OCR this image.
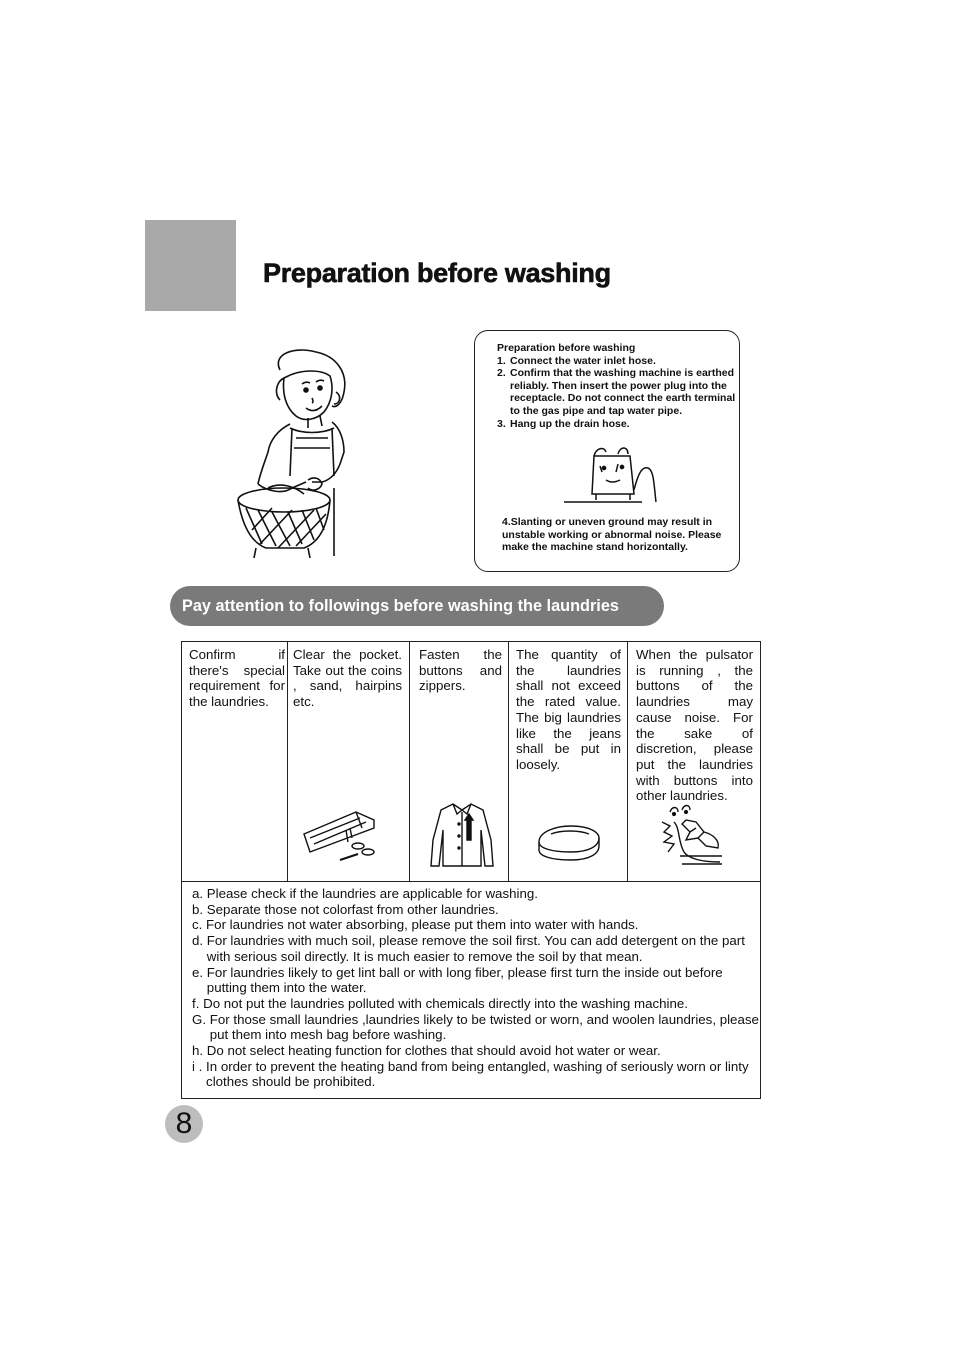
Preparation before washing
Preparation before washing
1. Connect the water inlet hose.
2. Confirm that the washing machine is earthed reliably. Then insert the power plug into the receptacle. Do not connect the earth terminal to the gas pipe and tap water pipe.
3. Hang up the drain hose.
4.Slanting or uneven ground may result in unstable working or abnormal noise. Please make the machine stand horizontally.
Pay attention to followings before washing the laundries
Confirm if there's special requirement for the laundries.
Clear the pocket. Take out the coins , sand, hairpins etc.
Fasten the buttons and zippers.
The quantity of the laundries shall not exceed the rated value. The big laundries like the jeans shall be put in loosely.
When the pulsator is running , the buttons of the laundries may cause noise. For the sake of discretion, please put the laundries with buttons into other laundries.
a. Please check if the laundries are applicable for washing.
b. Separate those not colorfast from other laundries.
c. For laundries not water absorbing, please put them into water with hands.
d. For laundries with much soil, please remove the soil first. You can add detergent on the part with serious soil directly. It is much easier to remove the soil by that mean.
e. For laundries likely to get lint ball or with long fiber, please first turn the inside out before putting them into the water.
f. Do not put the laundries polluted with chemicals directly into the washing machine.
G. For those small laundries ,laundries likely to be twisted or worn, and woolen laundries, please put them into mesh bag before washing.
h. Do not select heating function for clothes that should avoid hot water or wear.
i . In order to prevent the heating band from being entangled, washing of seriously worn or linty clothes should be prohibited.
8
